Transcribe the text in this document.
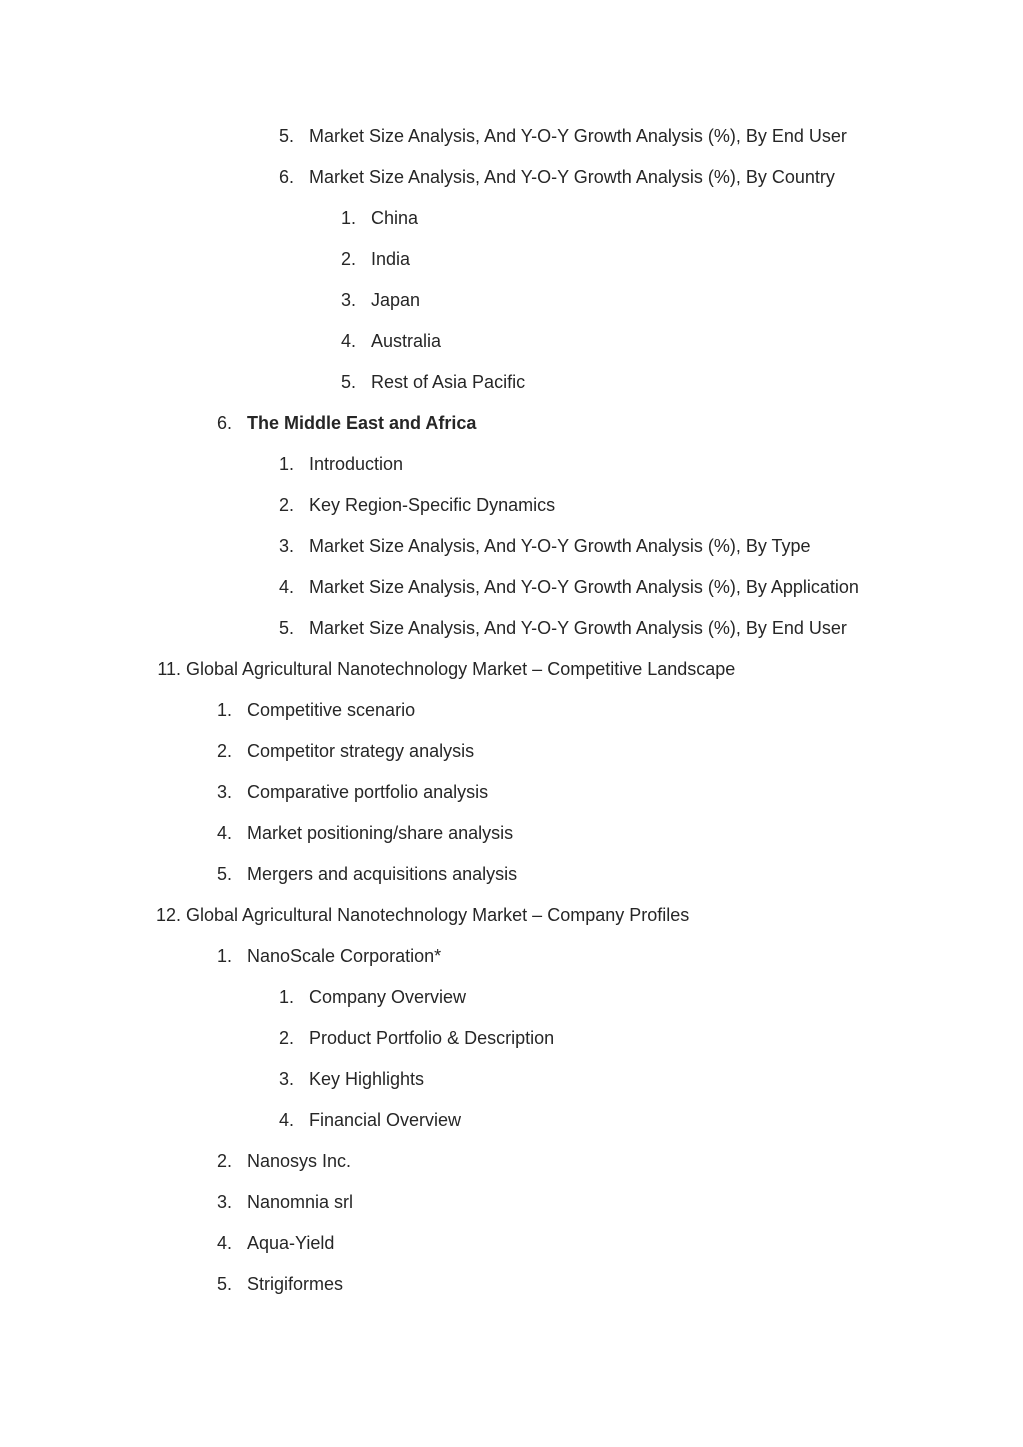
5. Market Size Analysis, And Y-O-Y Growth Analysis (%), By End User
6. Market Size Analysis, And Y-O-Y Growth Analysis (%), By Country
1. China
2. India
3. Japan
4. Australia
5. Rest of Asia Pacific
6. The Middle East and Africa
1. Introduction
2. Key Region-Specific Dynamics
3. Market Size Analysis, And Y-O-Y Growth Analysis (%), By Type
4. Market Size Analysis, And Y-O-Y Growth Analysis (%), By Application
5. Market Size Analysis, And Y-O-Y Growth Analysis (%), By End User
11. Global Agricultural Nanotechnology Market – Competitive Landscape
1. Competitive scenario
2. Competitor strategy analysis
3. Comparative portfolio analysis
4. Market positioning/share analysis
5. Mergers and acquisitions analysis
12. Global Agricultural Nanotechnology Market – Company Profiles
1. NanoScale Corporation*
1. Company Overview
2. Product Portfolio & Description
3. Key Highlights
4. Financial Overview
2. Nanosys Inc.
3. Nanomnia srl
4. Aqua-Yield
5. Strigiformes
